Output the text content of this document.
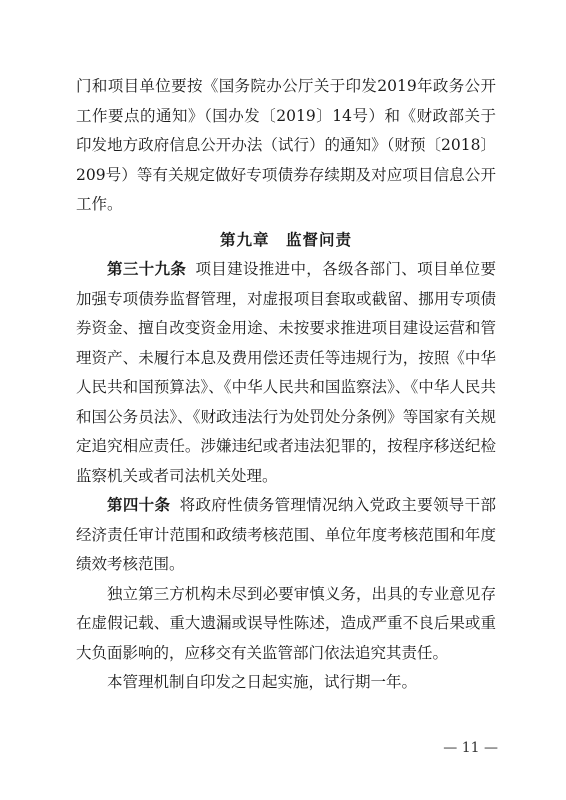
门和项目单位要按《国务院办公厅关于印发2019年政务公开工作要点的通知》（国办发〔2019〕14号）和《财政部关于印发地方政府信息公开办法（试行）的通知》（财预〔2018〕209号）等有关规定做好专项债券存续期及对应项目信息公开工作。

第九章　监督问责

第三十九条 项目建设推进中，各级各部门、项目单位要加强专项债券监督管理，对虚报项目套取或截留、挪用专项债券资金、擅自改变资金用途、未按要求推进项目建设运营和管理资产、未履行本息及费用偿还责任等违规行为，按照《中华人民共和国预算法》、《中华人民共和国监察法》、《中华人民共和国公务员法》、《财政违法行为处罚处分条例》等国家有关规定追究相应责任。涉嫌违纪或者违法犯罪的，按程序移送纪检监察机关或者司法机关处理。

第四十条 将政府性债务管理情况纳入党政主要领导干部经济责任审计范围和政绩考核范围、单位年度考核范围和年度绩效考核范围。

独立第三方机构未尽到必要审慎义务，出具的专业意见存在虚假记载、重大遗漏或误导性陈述，造成严重不良后果或重大负面影响的，应移交有关监管部门依法追究其责任。

本管理机制自印发之日起实施，试行期一年。

— 11 —
